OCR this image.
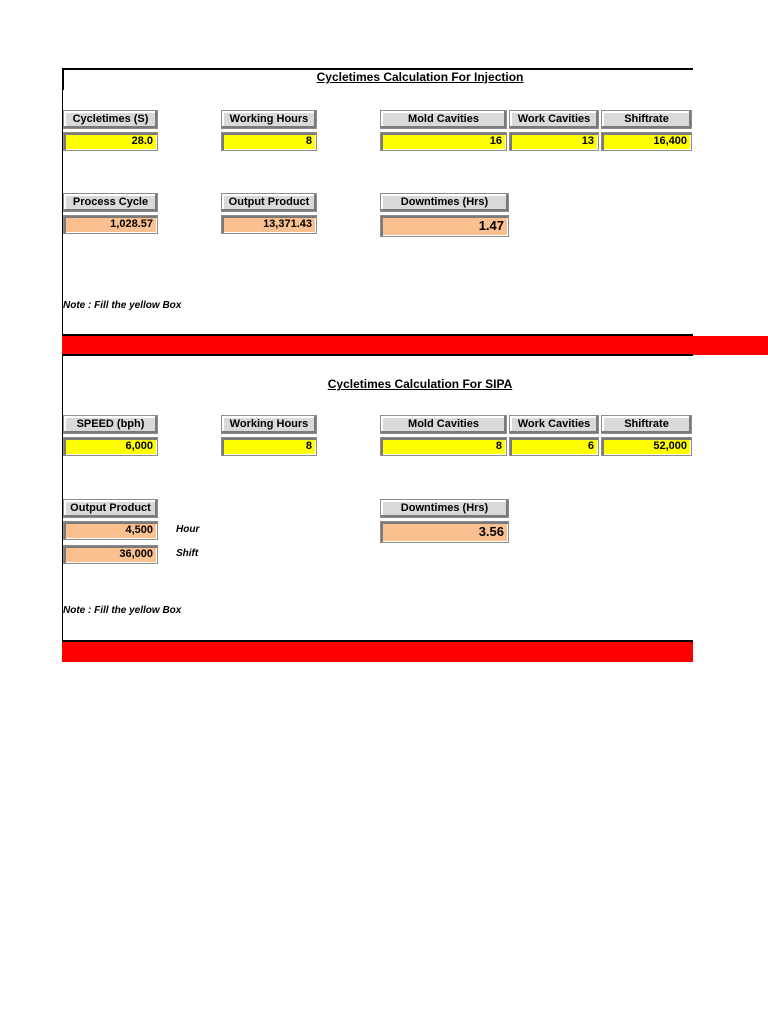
Cycletimes Calculation For Injection
Cycletimes (S)
28.0
Working Hours
8
Mold Cavities
16
Work Cavities
13
Shiftrate
16,400
Process Cycle
1,028.57
Output Product
13,371.43
Downtimes (Hrs)
1.47
Note : Fill the yellow Box
Cycletimes Calculation For SIPA
SPEED (bph)
6,000
Working Hours
8
Mold Cavities
8
Work Cavities
6
Shiftrate
52,000
Output Product
4,500	Hour
36,000	Shift
Downtimes (Hrs)
3.56
Note : Fill the yellow Box
